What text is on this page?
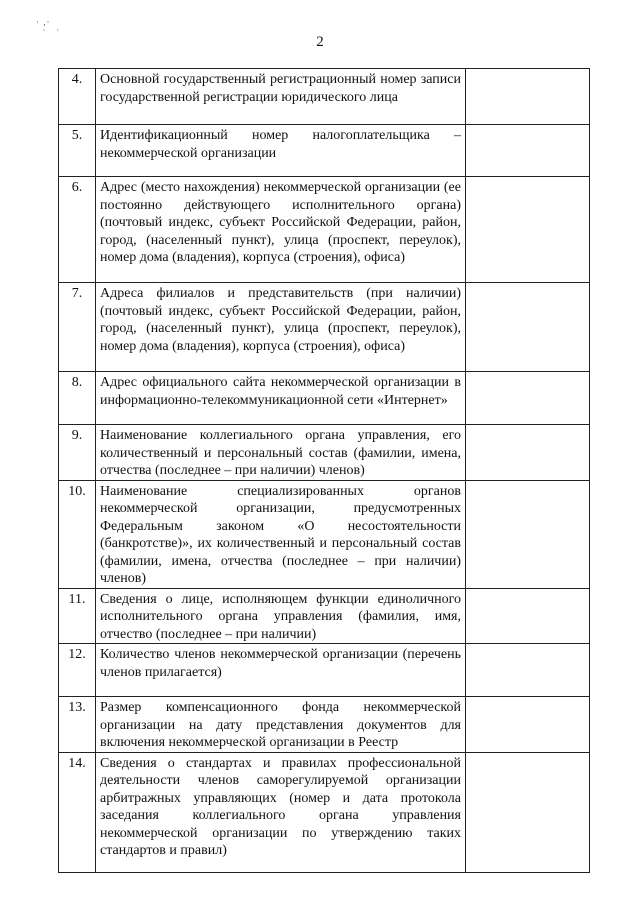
· ,·
·   ·
2
4.	Основной государственный регистрационный номер записи государственной регистрации юридического лица	
5.	Идентификационный номер налогоплательщика – некоммерческой организации	
6.	Адрес (место нахождения) некоммерческой организации (ее постоянно действующего исполнительного органа) (почтовый индекс, субъект Российской Федерации, район, город, (населенный пункт), улица (проспект, переулок), номер дома (владения), корпуса (строения), офиса)	
7.	Адреса филиалов и представительств (при наличии) (почтовый индекс, субъект Российской Федерации, район, город, (населенный пункт), улица (проспект, переулок), номер дома (владения), корпуса (строения), офиса)	
8.	Адрес официального сайта некоммерческой организации в информационно-телекоммуникационной сети «Интернет»	
9.	Наименование коллегиального органа управления, его количественный и персональный состав (фамилии, имена, отчества (последнее – при наличии) членов)	
10.	Наименование специализированных органов некоммерческой организации, предусмотренных Федеральным законом «О несостоятельности (банкротстве)», их количественный и персональный состав (фамилии, имена, отчества (последнее – при наличии) членов)	
11.	Сведения о лице, исполняющем функции единоличного исполнительного органа управления (фамилия, имя, отчество (последнее – при наличии)	
12.	Количество членов некоммерческой организации (перечень членов прилагается)	
13.	Размер компенсационного фонда некоммерческой организации на дату представления документов для включения некоммерческой организации в Реестр	
14.	Сведения о стандартах и правилах профессиональной деятельности членов саморегулируемой организации арбитражных управляющих (номер и дата протокола заседания коллегиального органа управления некоммерческой организации по утверждению таких стандартов и правил)	
